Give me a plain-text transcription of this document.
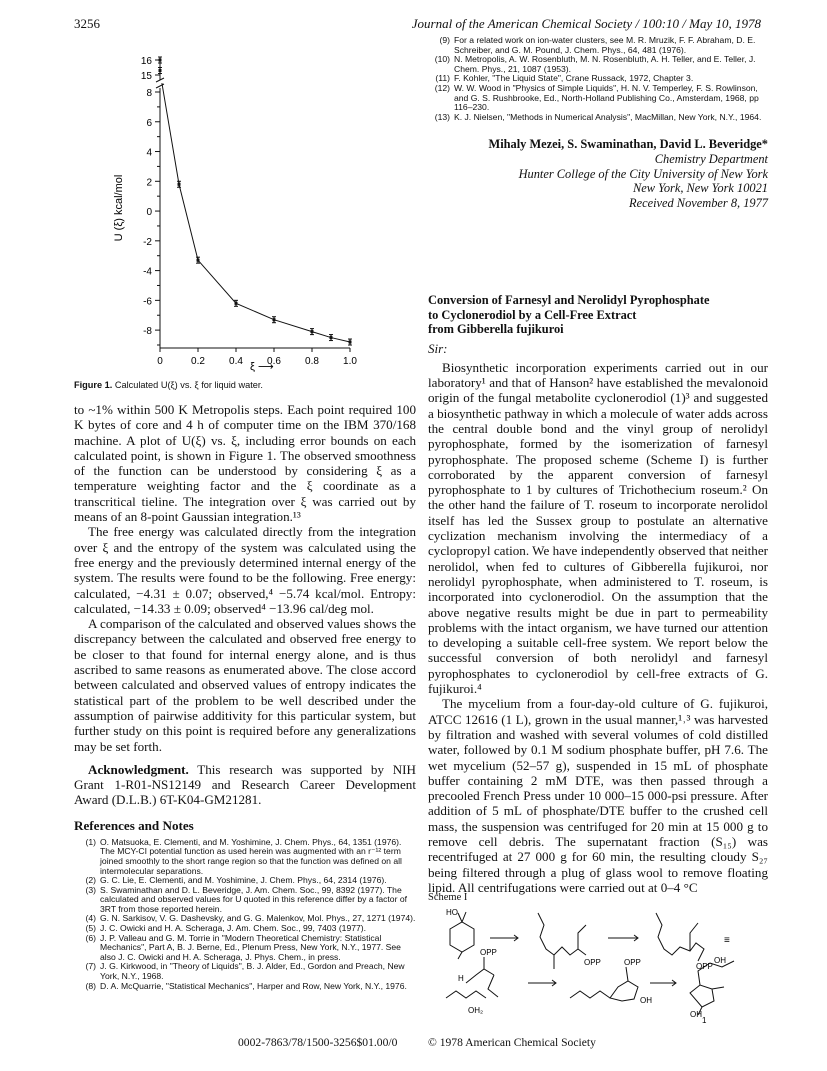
3256	Journal of the American Chemical Society / 100:10 / May 10, 1978
16
15
8
6
4
2
0
-2
-4
-6
-8
0	0.2 0.4 0.6 0.8 1.0
U (ξ) kcal/mol
ξ ⟶
Figure 1. Calculated U(ξ) vs. ξ for liquid water.

to ~1% within 500 K Metropolis steps. Each point required 100 K bytes of core and 4 h of computer time on the IBM 370/168 machine. A plot of U(ξ) vs. ξ, including error bounds on each calculated point, is shown in Figure 1. The observed smoothness of the function can be understood by considering ξ as a temperature weighting factor and the ξ coordinate as a transcritical tieline. The integration over ξ was carried out by means of an 8-point Gaussian integration.¹³

The free energy was calculated directly from the integration over ξ and the entropy of the system was calculated using the free energy and the previously determined internal energy of the system. The results were found to be the following. Free energy: calculated, −4.31 ± 0.07; observed,⁴ −5.74 kcal/mol. Entropy: calculated, −14.33 ± 0.09; observed⁴ −13.96 cal/deg mol.

A comparison of the calculated and observed values shows the discrepancy between the calculated and observed free energy to be closer to that found for internal energy alone, and is thus ascribed to same reasons as enumerated above. The close accord between calculated and observed values of entropy indicates the statistical part of the problem to be well described under the assumption of pairwise additivity for this particular system, but further study on this point is required before any generalizations may be set forth.

Acknowledgment. This research was supported by NIH Grant 1-R01-NS12149 and Research Career Development Award (D.L.B.) 6T-K04-GM21281.

References and Notes
(1) O. Matsuoka, E. Clementi, and M. Yoshimine, J. Chem. Phys., 64, 1351 (1976). The MCY-CI potential function as used herein was augmented with an r⁻¹² term joined smoothly to the short range region so that the function was defined on all intermolecular separations.
(2) G. C. Lie, E. Clementi, and M. Yoshimine, J. Chem. Phys., 64, 2314 (1976).
(3) S. Swaminathan and D. L. Beveridge, J. Am. Chem. Soc., 99, 8392 (1977). The calculated and observed values for U quoted in this reference differ by a factor of 3RT from those reported herein.
(4) G. N. Sarkisov, V. G. Dashevsky, and G. G. Malenkov, Mol. Phys., 27, 1271 (1974).
(5) J. C. Owicki and H. A. Scheraga, J. Am. Chem. Soc., 99, 7403 (1977).
(6) J. P. Valleau and G. M. Torrie in "Modern Theoretical Chemistry: Statistical Mechanics", Part A, B. J. Berne, Ed., Plenum Press, New York, N.Y., 1977. See also J. C. Owicki and H. A. Scheraga, J. Phys. Chem., in press.
(7) J. G. Kirkwood, in "Theory of Liquids", B. J. Alder, Ed., Gordon and Preach, New York, N.Y., 1968.
(8) D. A. McQuarrie, "Statistical Mechanics", Harper and Row, New York, N.Y., 1976.
(9) For a related work on ion-water clusters, see M. R. Mruzik, F. F. Abraham, D. E. Schreiber, and G. M. Pound, J. Chem. Phys., 64, 481 (1976).
(10) N. Metropolis, A. W. Rosenbluth, M. N. Rosenbluth, A. H. Teller, and E. Teller, J. Chem. Phys., 21, 1087 (1953).
(11) F. Kohler, "The Liquid State", Crane Russack, 1972, Chapter 3.
(12) W. W. Wood in "Physics of Simple Liquids", H. N. V. Temperley, F. S. Rowlinson, and G. S. Rushbrooke, Ed., North-Holland Publishing Co., Amsterdam, 1968, pp 116–230.
(13) K. J. Nielsen, "Methods in Numerical Analysis", MacMillan, New York, N.Y., 1964.
Mihaly Mezei, S. Swaminathan, David L. Beveridge*
Chemistry Department
Hunter College of the City University of New York
New York, New York 10021
Received November 8, 1977
Conversion of Farnesyl and Nerolidyl Pyrophosphate
to Cyclonerodiol by a Cell-Free Extract
from Gibberella fujikuroi
Sir:

Biosynthetic incorporation experiments carried out in our laboratory¹ and that of Hanson² have established the mevalonoid origin of the fungal metabolite cyclonerodiol (1)³ and suggested a biosynthetic pathway in which a molecule of water adds across the central double bond and the vinyl group of nerolidyl pyrophosphate, formed by the isomerization of farnesyl pyrophosphate. The proposed scheme (Scheme I) is further corroborated by the apparent conversion of farnesyl pyrophosphate to 1 by cultures of Trichothecium roseum.² On the other hand the failure of T. roseum to incorporate nerolidol itself has led the Sussex group to postulate an alternative cyclization mechanism involving the intermediacy of a cyclopropyl cation. We have independently observed that neither nerolidol, when fed to cultures of Gibberella fujikuroi, nor nerolidyl pyrophosphate, when administered to T. roseum, is incorporated into cyclonerodiol. On the assumption that the above negative results might be due in part to permeability problems with the intact organism, we have turned our attention to developing a suitable cell-free system. We report below the successful conversion of both nerolidyl and farnesyl pyrophosphates to cyclonerodiol by cell-free extracts of G. fujikuroi.⁴

The mycelium from a four-day-old culture of G. fujikuroi, ATCC 12616 (1 L), grown in the usual manner,¹˒³ was harvested by filtration and washed with several volumes of cold distilled water, followed by 0.1 M sodium phosphate buffer, pH 7.6. The wet mycelium (52–57 g), suspended in 15 mL of phosphate buffer containing 2 mM DTE, was then passed through a precooled French Press under 10 000–15 000-psi pressure. After addition of 5 mL of phosphate/DTE buffer to the crushed cell mass, the suspension was centrifuged for 20 min at 15 000 g to remove cell debris. The supernatant fraction (S₁₅) was recentrifuged at 27 000 g for 60 min, the resulting cloudy S₂₇ being filtered through a plug of glass wool to remove floating lipid. All centrifugations were carried out at 0–4 °C

Scheme I
HO
OPP	OPP
≡
OPP
OH₂
H
OPP
OH
OH
OH
1
0002-7863/78/1500-3256$01.00/0	© 1978 American Chemical Society
